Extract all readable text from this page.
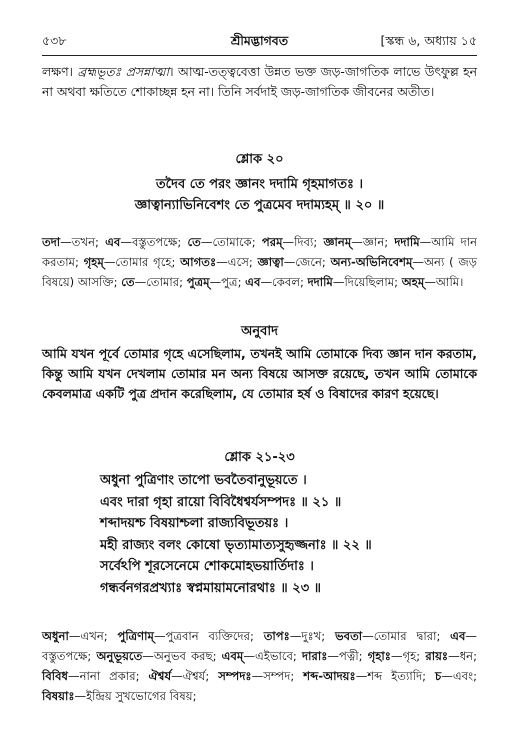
৫৩৮	শ্রীমদ্ভাগবত	[স্কন্ধ ৬, অধ্যায় ১৫

লক্ষণ। ব্রহ্মভূতঃ প্রসন্নাত্মা। আত্ম-তত্ত্ববেত্তা উন্নত ভক্ত জড়-জাগতিক লাভে উৎফুল্ল হন না অথবা ক্ষতিতে শোকাচ্ছন্ন হন না। তিনি সর্বদাই জড়-জাগতিক জীবনের অতীত।

শ্লোক ২০

তদৈব তে পরং জ্ঞানং দদামি গৃহমাগতঃ ।

জ্ঞাত্বান্যাভিনিবেশং তে পুত্রমেব দদাম্যহম্ ॥ ২০ ॥

তদা—তখন; এব—বস্তুতপক্ষে; তে—তোমাকে; পরম্—দিব্য; জ্ঞানম্—জ্ঞান; দদামি—আমি দান করতাম; গৃহম্—তোমার গৃহে; আগতঃ—এসে; জ্ঞাত্বা—জেনে; অন্য-অভিনিবেশম্—অন্য ( জড় বিষয়ে) আসক্তি; তে—তোমার; পুত্রম্—পুত্র; এব—কেবল; দদামি—দিয়েছিলাম; অহম্—আমি।

অনুবাদ

আমি যখন পূর্বে তোমার গৃহে এসেছিলাম, তখনই আমি তোমাকে দিব্য জ্ঞান দান করতাম, কিন্তু আমি যখন দেখলাম তোমার মন অন্য বিষয়ে আসক্ত রয়েছে, তখন আমি তোমাকে কেবলমাত্র একটি পুত্র প্রদান করেছিলাম, যে তোমার হর্ষ ও বিষাদের কারণ হয়েছে।

শ্লোক ২১-২৩

অধুনা পুত্রিণাং তাপো ভবতৈবানুভূয়তে ।

এবং দারা গৃহা রায়ো বিবিধৈশ্বর্যসম্পদঃ ॥ ২১ ॥

শব্দাদয়শ্চ বিষয়াশ্চলা রাজ্যবিভূতয়ঃ ।

মহী রাজ্যং বলং কোষো ভৃত্যামাত্যসুহৃজ্জনাঃ ॥ ২২ ॥

সর্বেঽপি শূরসেনেমে শোকমোহভয়ার্তিদাঃ ।

গন্ধর্বনগরপ্রখ্যাঃ স্বপ্নমায়ামনোরথাঃ ॥ ২৩ ॥

অধুনা—এখন; পুত্রিণাম্—পুত্রবান ব্যক্তিদের; তাপঃ—দুঃখ; ভবতা—তোমার দ্বারা; এব—বস্তুতপক্ষে; অনুভূয়তে—অনুভব করছ; এবম্—এইভাবে; দারাঃ—পত্নী; গৃহাঃ—গৃহ; রায়ঃ—ধন; বিবিধ—নানা প্রকার; ঐশ্বর্য—ঐশ্বর্য; সম্পদঃ—সম্পদ; শব্দ-আদয়ঃ—শব্দ ইত্যাদি; চ—এবং; বিষয়াঃ—ইন্দ্রিয় সুখভোগের বিষয়;
